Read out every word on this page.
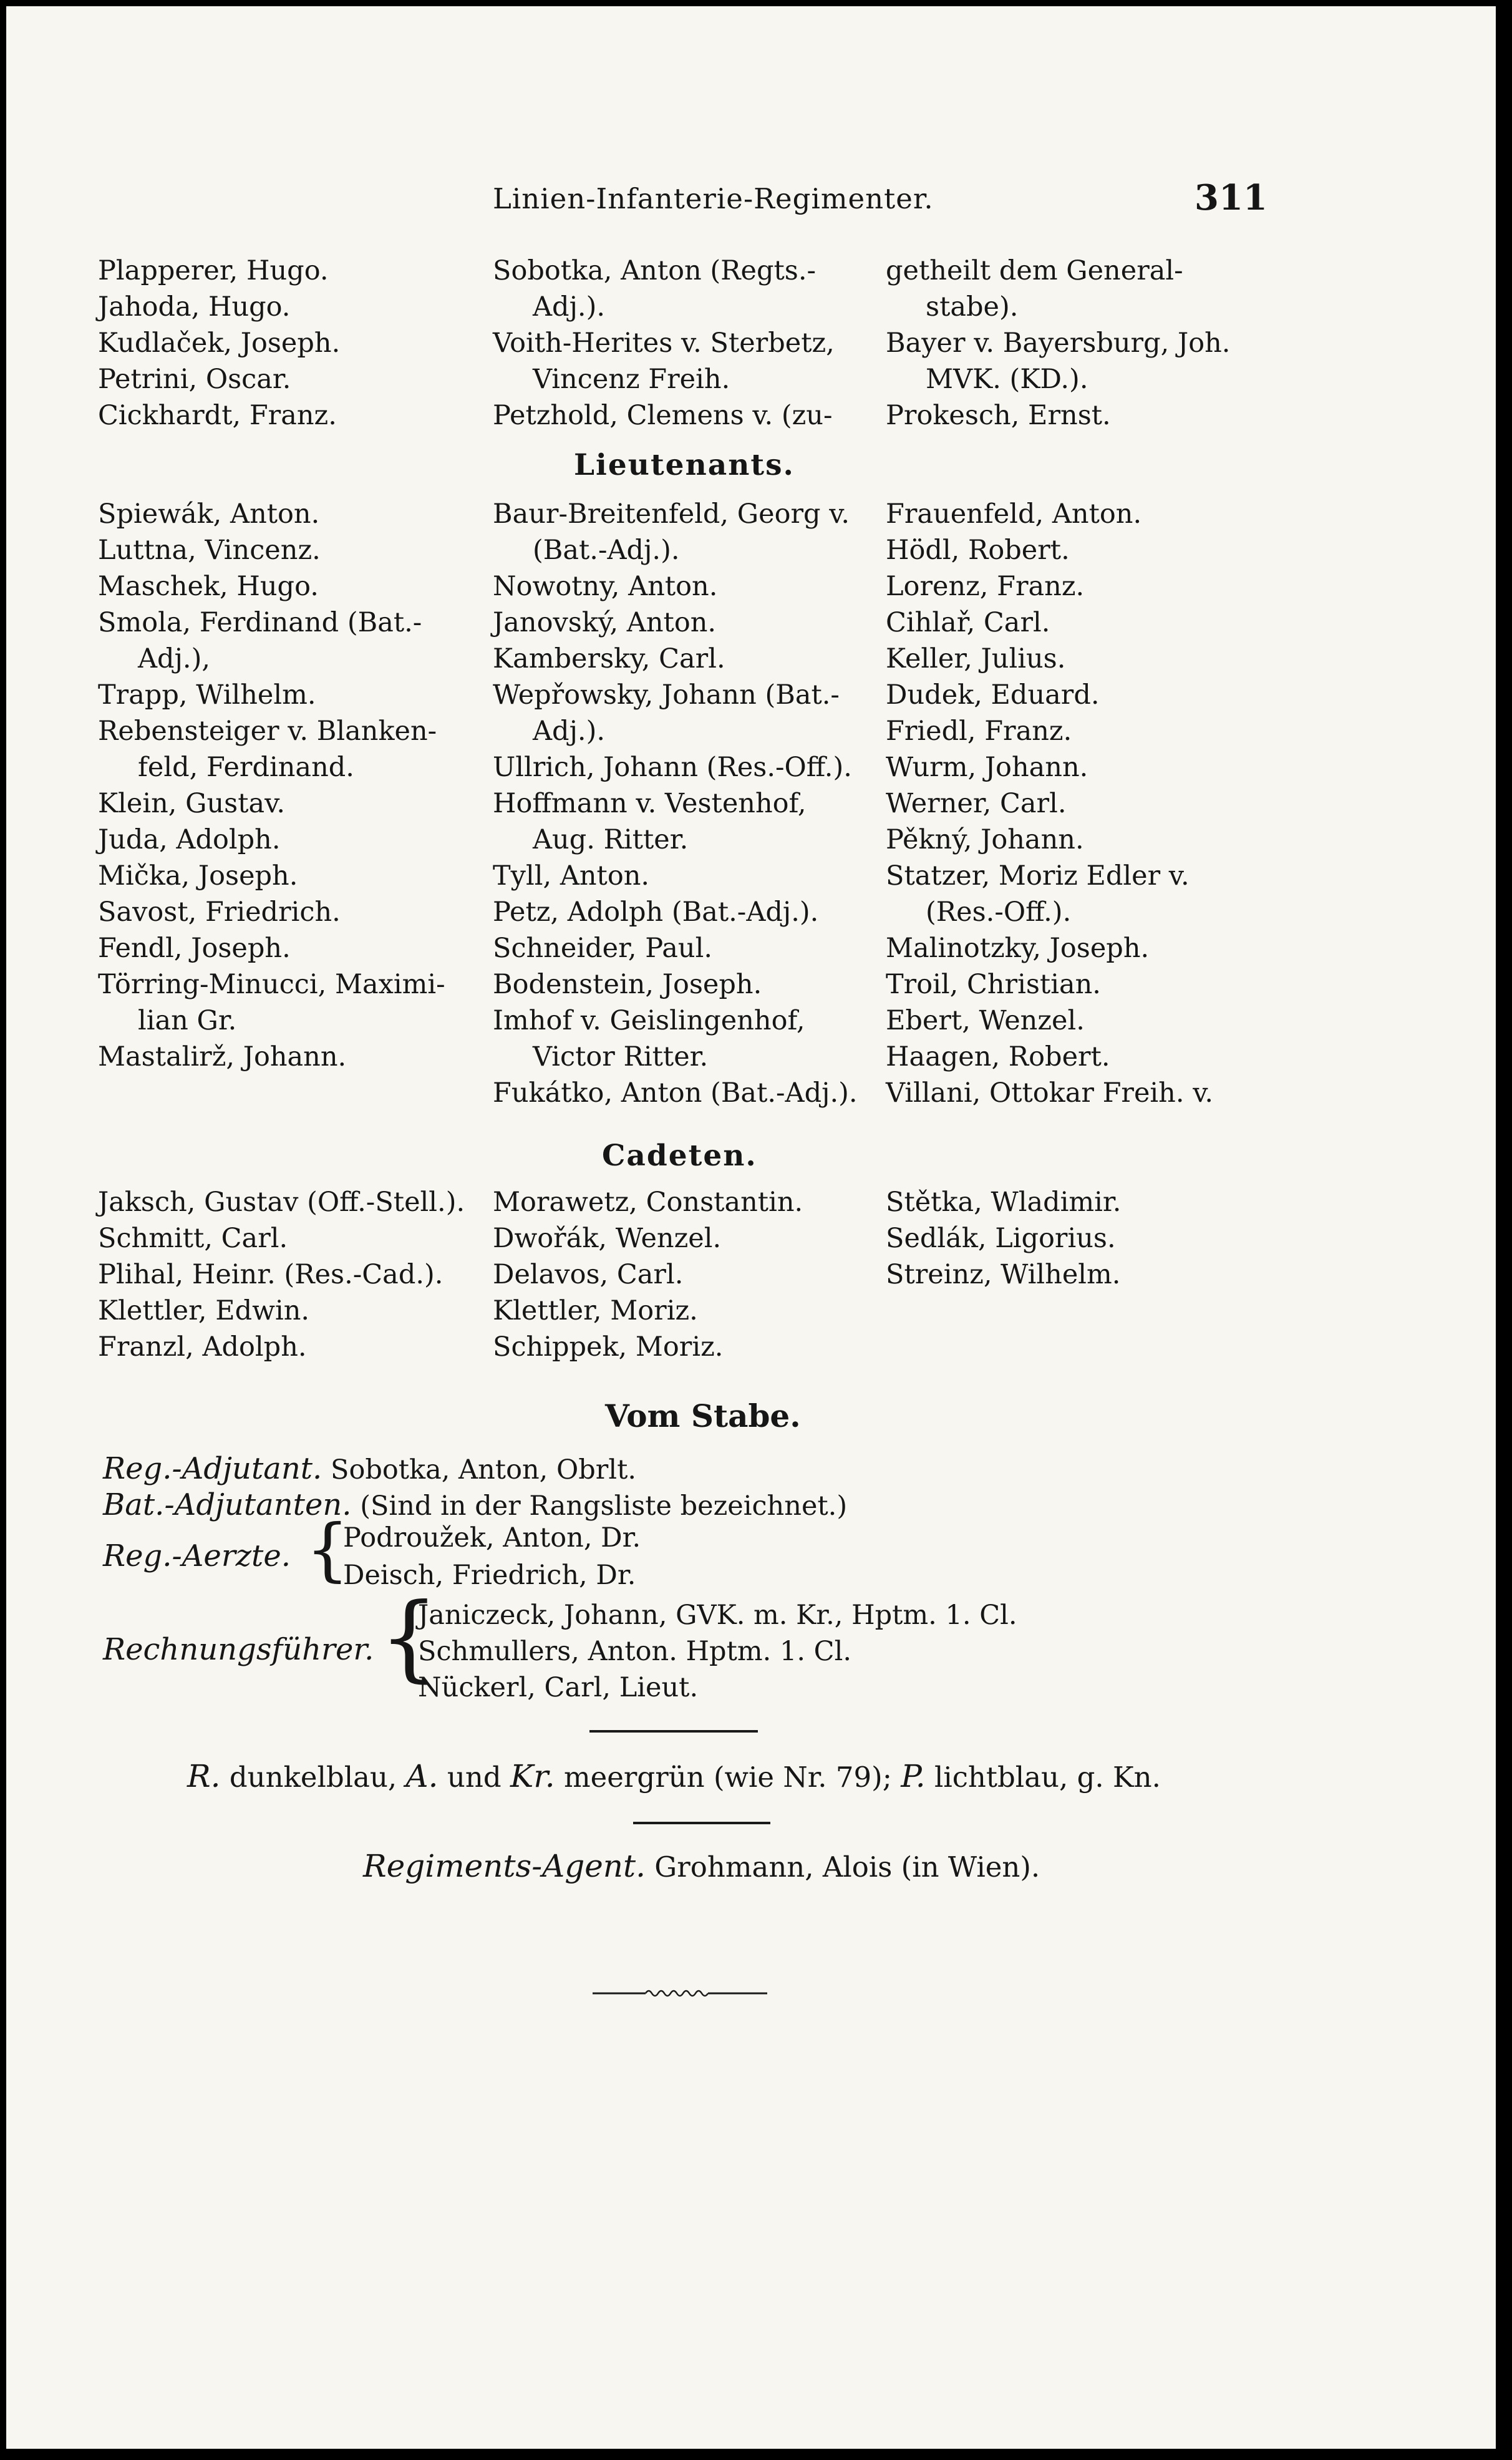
Linien-Infanterie-Regimenter.	311
Plapperer, Hugo.
Jahoda, Hugo.
Kudlaček, Joseph.
Petrini, Oscar.
Cickhardt, Franz.
Sobotka, Anton (Regts.-Adj.).
Voith-Herites v. Sterbetz, Vincenz Freih.
Petzhold, Clemens v. (zu-
getheilt dem General-stabe).
Bayer v. Bayersburg, Joh. MVK. (KD.).
Prokesch, Ernst.
Lieutenants.
Spiewák, Anton.
Luttna, Vincenz.
Maschek, Hugo.
Smola, Ferdinand (Bat.-Adj.),
Trapp, Wilhelm.
Rebensteiger v. Blanken-feld, Ferdinand.
Klein, Gustav.
Juda, Adolph.
Mička, Joseph.
Savost, Friedrich.
Fendl, Joseph.
Törring-Minucci, Maximi-lian Gr.
Mastalirž, Johann.
Baur-Breitenfeld, Georg v. (Bat.-Adj.).
Nowotny, Anton.
Janovský, Anton.
Kambersky, Carl.
Wepřowsky, Johann (Bat.-Adj.).
Ullrich, Johann (Res.-Off.).
Hoffmann v. Vestenhof, Aug. Ritter.
Tyll, Anton.
Petz, Adolph (Bat.-Adj.).
Schneider, Paul.
Bodenstein, Joseph.
Imhof v. Geislingenhof, Victor Ritter.
Fukátko, Anton (Bat.-Adj.).
Frauenfeld, Anton.
Hödl, Robert.
Lorenz, Franz.
Cihlař, Carl.
Keller, Julius.
Dudek, Eduard.
Friedl, Franz.
Wurm, Johann.
Werner, Carl.
Pěkný, Johann.
Statzer, Moriz Edler v. (Res.-Off.).
Malinotzky, Joseph.
Troil, Christian.
Ebert, Wenzel.
Haagen, Robert.
Villani, Ottokar Freih. v.
Cadeten.
Jaksch, Gustav (Off.-Stell.).
Schmitt, Carl.
Plihal, Heinr. (Res.-Cad.).
Klettler, Edwin.
Franzl, Adolph.
Morawetz, Constantin.
Dwořák, Wenzel.
Delavos, Carl.
Klettler, Moriz.
Schippek, Moriz.
Stětka, Wladimir.
Sedlák, Ligorius.
Streinz, Wilhelm.
Vom Stabe.
Reg.-Adjutant. Sobotka, Anton, Obrlt.
Bat.-Adjutanten. (Sind in der Rangsliste bezeichnet.)
Reg.-Aerzte. {
Podroužek, Anton, Dr.
Deisch, Friedrich, Dr.
Rechnungsführer. {
Janiczeck, Johann, GVK. m. Kr., Hptm. 1. Cl.
Schmullers, Anton. Hptm. 1. Cl.
Nückerl, Carl, Lieut.
R. dunkelblau, A. und Kr. meergrün (wie Nr. 79); P. lichtblau, g. Kn.
Regiments-Agent. Grohmann, Alois (in Wien).
